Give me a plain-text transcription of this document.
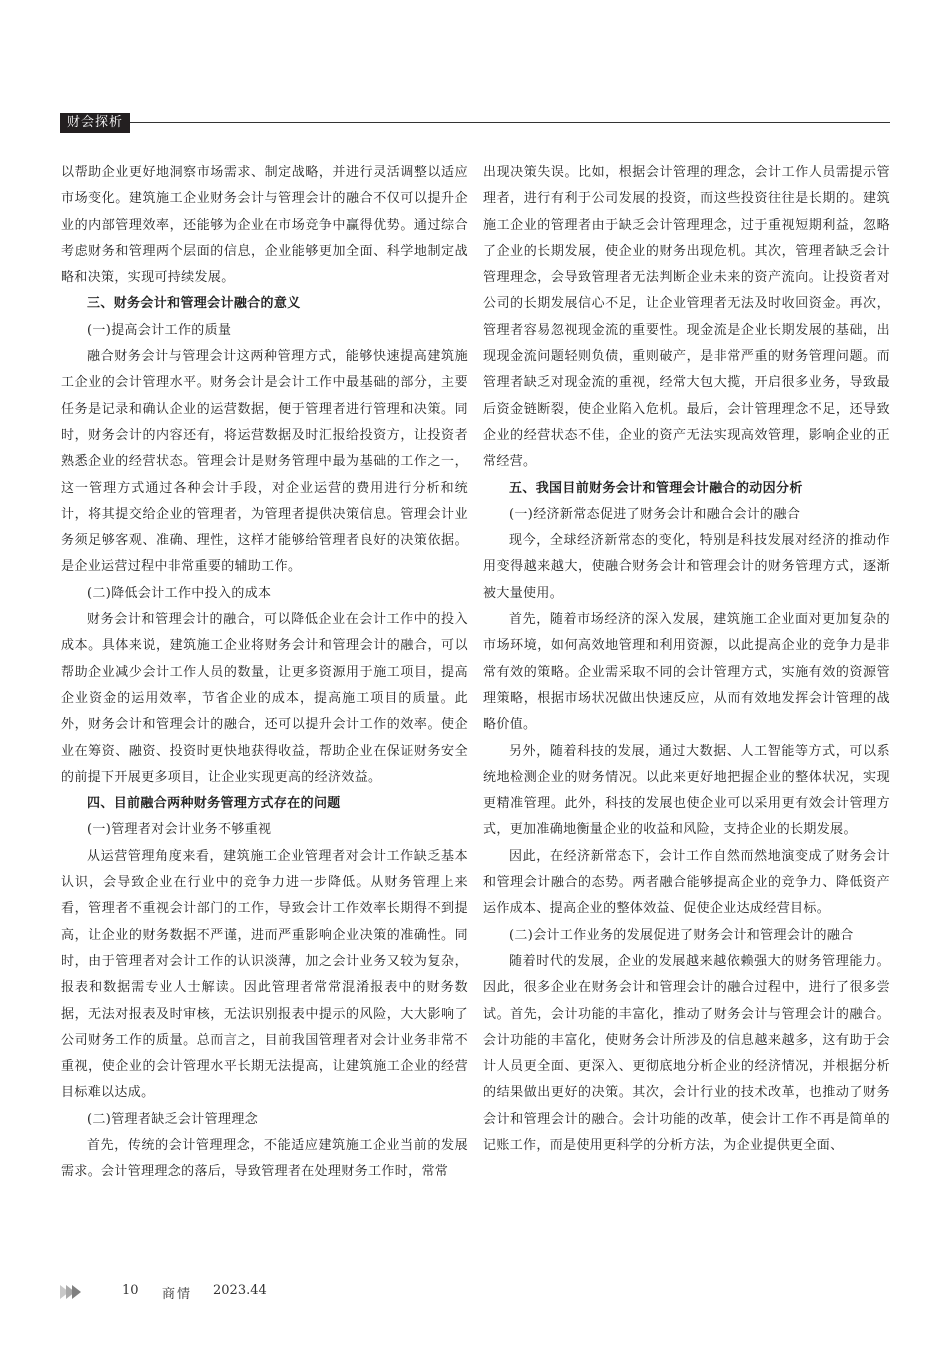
财会探析

以帮助企业更好地洞察市场需求、制定战略，并进行灵活调整以适应市场变化。建筑施工企业财务会计与管理会计的融合不仅可以提升企业的内部管理效率，还能够为企业在市场竞争中赢得优势。通过综合考虑财务和管理两个层面的信息，企业能够更加全面、科学地制定战略和决策，实现可持续发展。

三、财务会计和管理会计融合的意义
(一)提高会计工作的质量

融合财务会计与管理会计这两种管理方式，能够快速提高建筑施工企业的会计管理水平。财务会计是会计工作中最基础的部分，主要任务是记录和确认企业的运营数据，便于管理者进行管理和决策。同时，财务会计的内容还有，将运营数据及时汇报给投资方，让投资者熟悉企业的经营状态。管理会计是财务管理中最为基础的工作之一，这一管理方式通过各种会计手段，对企业运营的费用进行分析和统计，将其提交给企业的管理者，为管理者提供决策信息。管理会计业务须足够客观、准确、理性，这样才能够给管理者良好的决策依据。是企业运营过程中非常重要的辅助工作。

(二)降低会计工作中投入的成本

财务会计和管理会计的融合，可以降低企业在会计工作中的投入成本。具体来说，建筑施工企业将财务会计和管理会计的融合，可以帮助企业减少会计工作人员的数量，让更多资源用于施工项目，提高企业资金的运用效率，节省企业的成本，提高施工项目的质量。此外，财务会计和管理会计的融合，还可以提升会计工作的效率。使企业在筹资、融资、投资时更快地获得收益，帮助企业在保证财务安全的前提下开展更多项目，让企业实现更高的经济效益。

四、目前融合两种财务管理方式存在的问题
(一)管理者对会计业务不够重视

从运营管理角度来看，建筑施工企业管理者对会计工作缺乏基本认识，会导致企业在行业中的竞争力进一步降低。从财务管理上来看，管理者不重视会计部门的工作，导致会计工作效率长期得不到提高，让企业的财务数据不严谨，进而严重影响企业决策的准确性。同时，由于管理者对会计工作的认识淡薄，加之会计业务又较为复杂，报表和数据需专业人士解读。因此管理者常常混淆报表中的财务数据，无法对报表及时审核，无法识别报表中提示的风险，大大影响了公司财务工作的质量。总而言之，目前我国管理者对会计业务非常不重视，使企业的会计管理水平长期无法提高，让建筑施工企业的经营目标难以达成。

(二)管理者缺乏会计管理理念

首先，传统的会计管理理念，不能适应建筑施工企业当前的发展需求。会计管理理念的落后，导致管理者在处理财务工作时，常常

出现决策失误。比如，根据会计管理的理念，会计工作人员需提示管理者，进行有利于公司发展的投资，而这些投资往往是长期的。建筑施工企业的管理者由于缺乏会计管理理念，过于重视短期利益，忽略了企业的长期发展，使企业的财务出现危机。其次，管理者缺乏会计管理理念，会导致管理者无法判断企业未来的资产流向。让投资者对公司的长期发展信心不足，让企业管理者无法及时收回资金。再次，管理者容易忽视现金流的重要性。现金流是企业长期发展的基础，出现现金流问题轻则负债，重则破产，是非常严重的财务管理问题。而管理者缺乏对现金流的重视，经常大包大揽，开启很多业务，导致最后资金链断裂，使企业陷入危机。最后，会计管理理念不足，还导致企业的经营状态不佳，企业的资产无法实现高效管理，影响企业的正常经营。

五、我国目前财务会计和管理会计融合的动因分析
(一)经济新常态促进了财务会计和融合会计的融合

现今，全球经济新常态的变化，特别是科技发展对经济的推动作用变得越来越大，使融合财务会计和管理会计的财务管理方式，逐渐被大量使用。

首先，随着市场经济的深入发展，建筑施工企业面对更加复杂的市场环境，如何高效地管理和利用资源，以此提高企业的竞争力是非常有效的策略。企业需采取不同的会计管理方式，实施有效的资源管理策略，根据市场状况做出快速反应，从而有效地发挥会计管理的战略价值。

另外，随着科技的发展，通过大数据、人工智能等方式，可以系统地检测企业的财务情况。以此来更好地把握企业的整体状况，实现更精准管理。此外，科技的发展也使企业可以采用更有效会计管理方式，更加准确地衡量企业的收益和风险，支持企业的长期发展。

因此，在经济新常态下，会计工作自然而然地演变成了财务会计和管理会计融合的态势。两者融合能够提高企业的竞争力、降低资产运作成本、提高企业的整体效益、促使企业达成经营目标。

(二)会计工作业务的发展促进了财务会计和管理会计的融合

随着时代的发展，企业的发展越来越依赖强大的财务管理能力。因此，很多企业在财务会计和管理会计的融合过程中，进行了很多尝试。首先，会计功能的丰富化，推动了财务会计与管理会计的融合。会计功能的丰富化，使财务会计所涉及的信息越来越多，这有助于会计人员更全面、更深入、更彻底地分析企业的经济情况，并根据分析的结果做出更好的决策。其次，会计行业的技术改革，也推动了财务会计和管理会计的融合。会计功能的改革，使会计工作不再是简单的记账工作，而是使用更科学的分析方法，为企业提供更全面、

10 商情 2023.44
